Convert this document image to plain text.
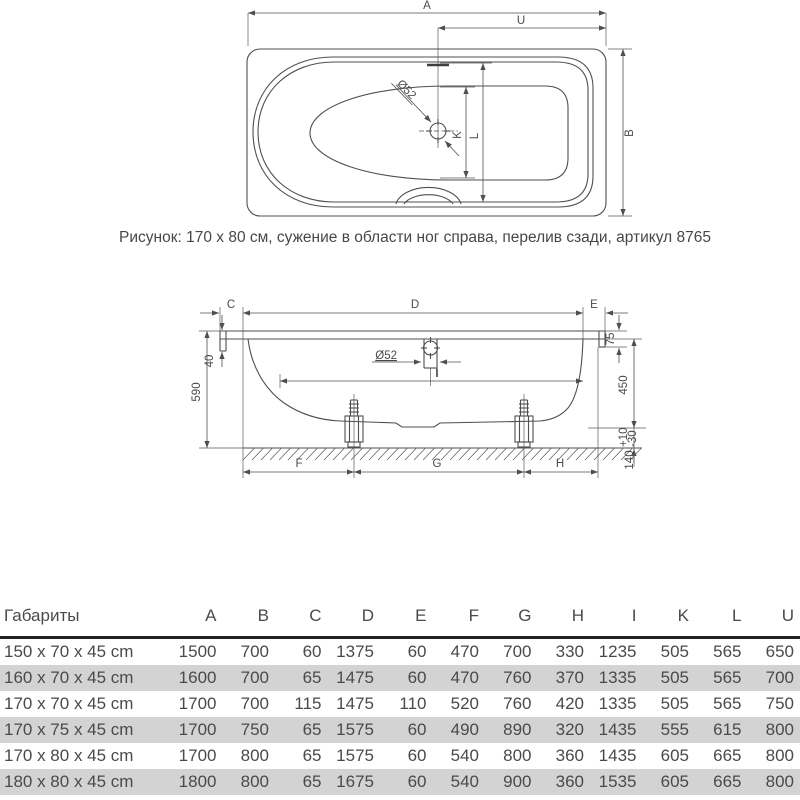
A
U
B
K L
Ø52
Рисунок: 170 x 80 см, сужение в области ног справа, перелив сзади, артикул 8765
C	D	E
40
590
75
450
140
+10
-30
Ø52
I
F	G	H
Габариты	A	B	C	D	E	F	G	H	I	K	L	U
150 x 70 x 45 cm	1500	700	60	1375	60	470	700	330	1235	505	565	650
160 x 70 x 45 cm	1600	700	65	1475	60	470	760	370	1335	505	565	700
170 x 70 x 45 cm	1700	700	115	1475	110	520	760	420	1335	505	565	750
170 x 75 x 45 cm	1700	750	65	1575	60	490	890	320	1435	555	615	800
170 x 80 x 45 cm	1700	800	65	1575	60	540	800	360	1435	605	665	800
180 x 80 x 45 cm	1800	800	65	1675	60	540	900	360	1535	605	665	800
